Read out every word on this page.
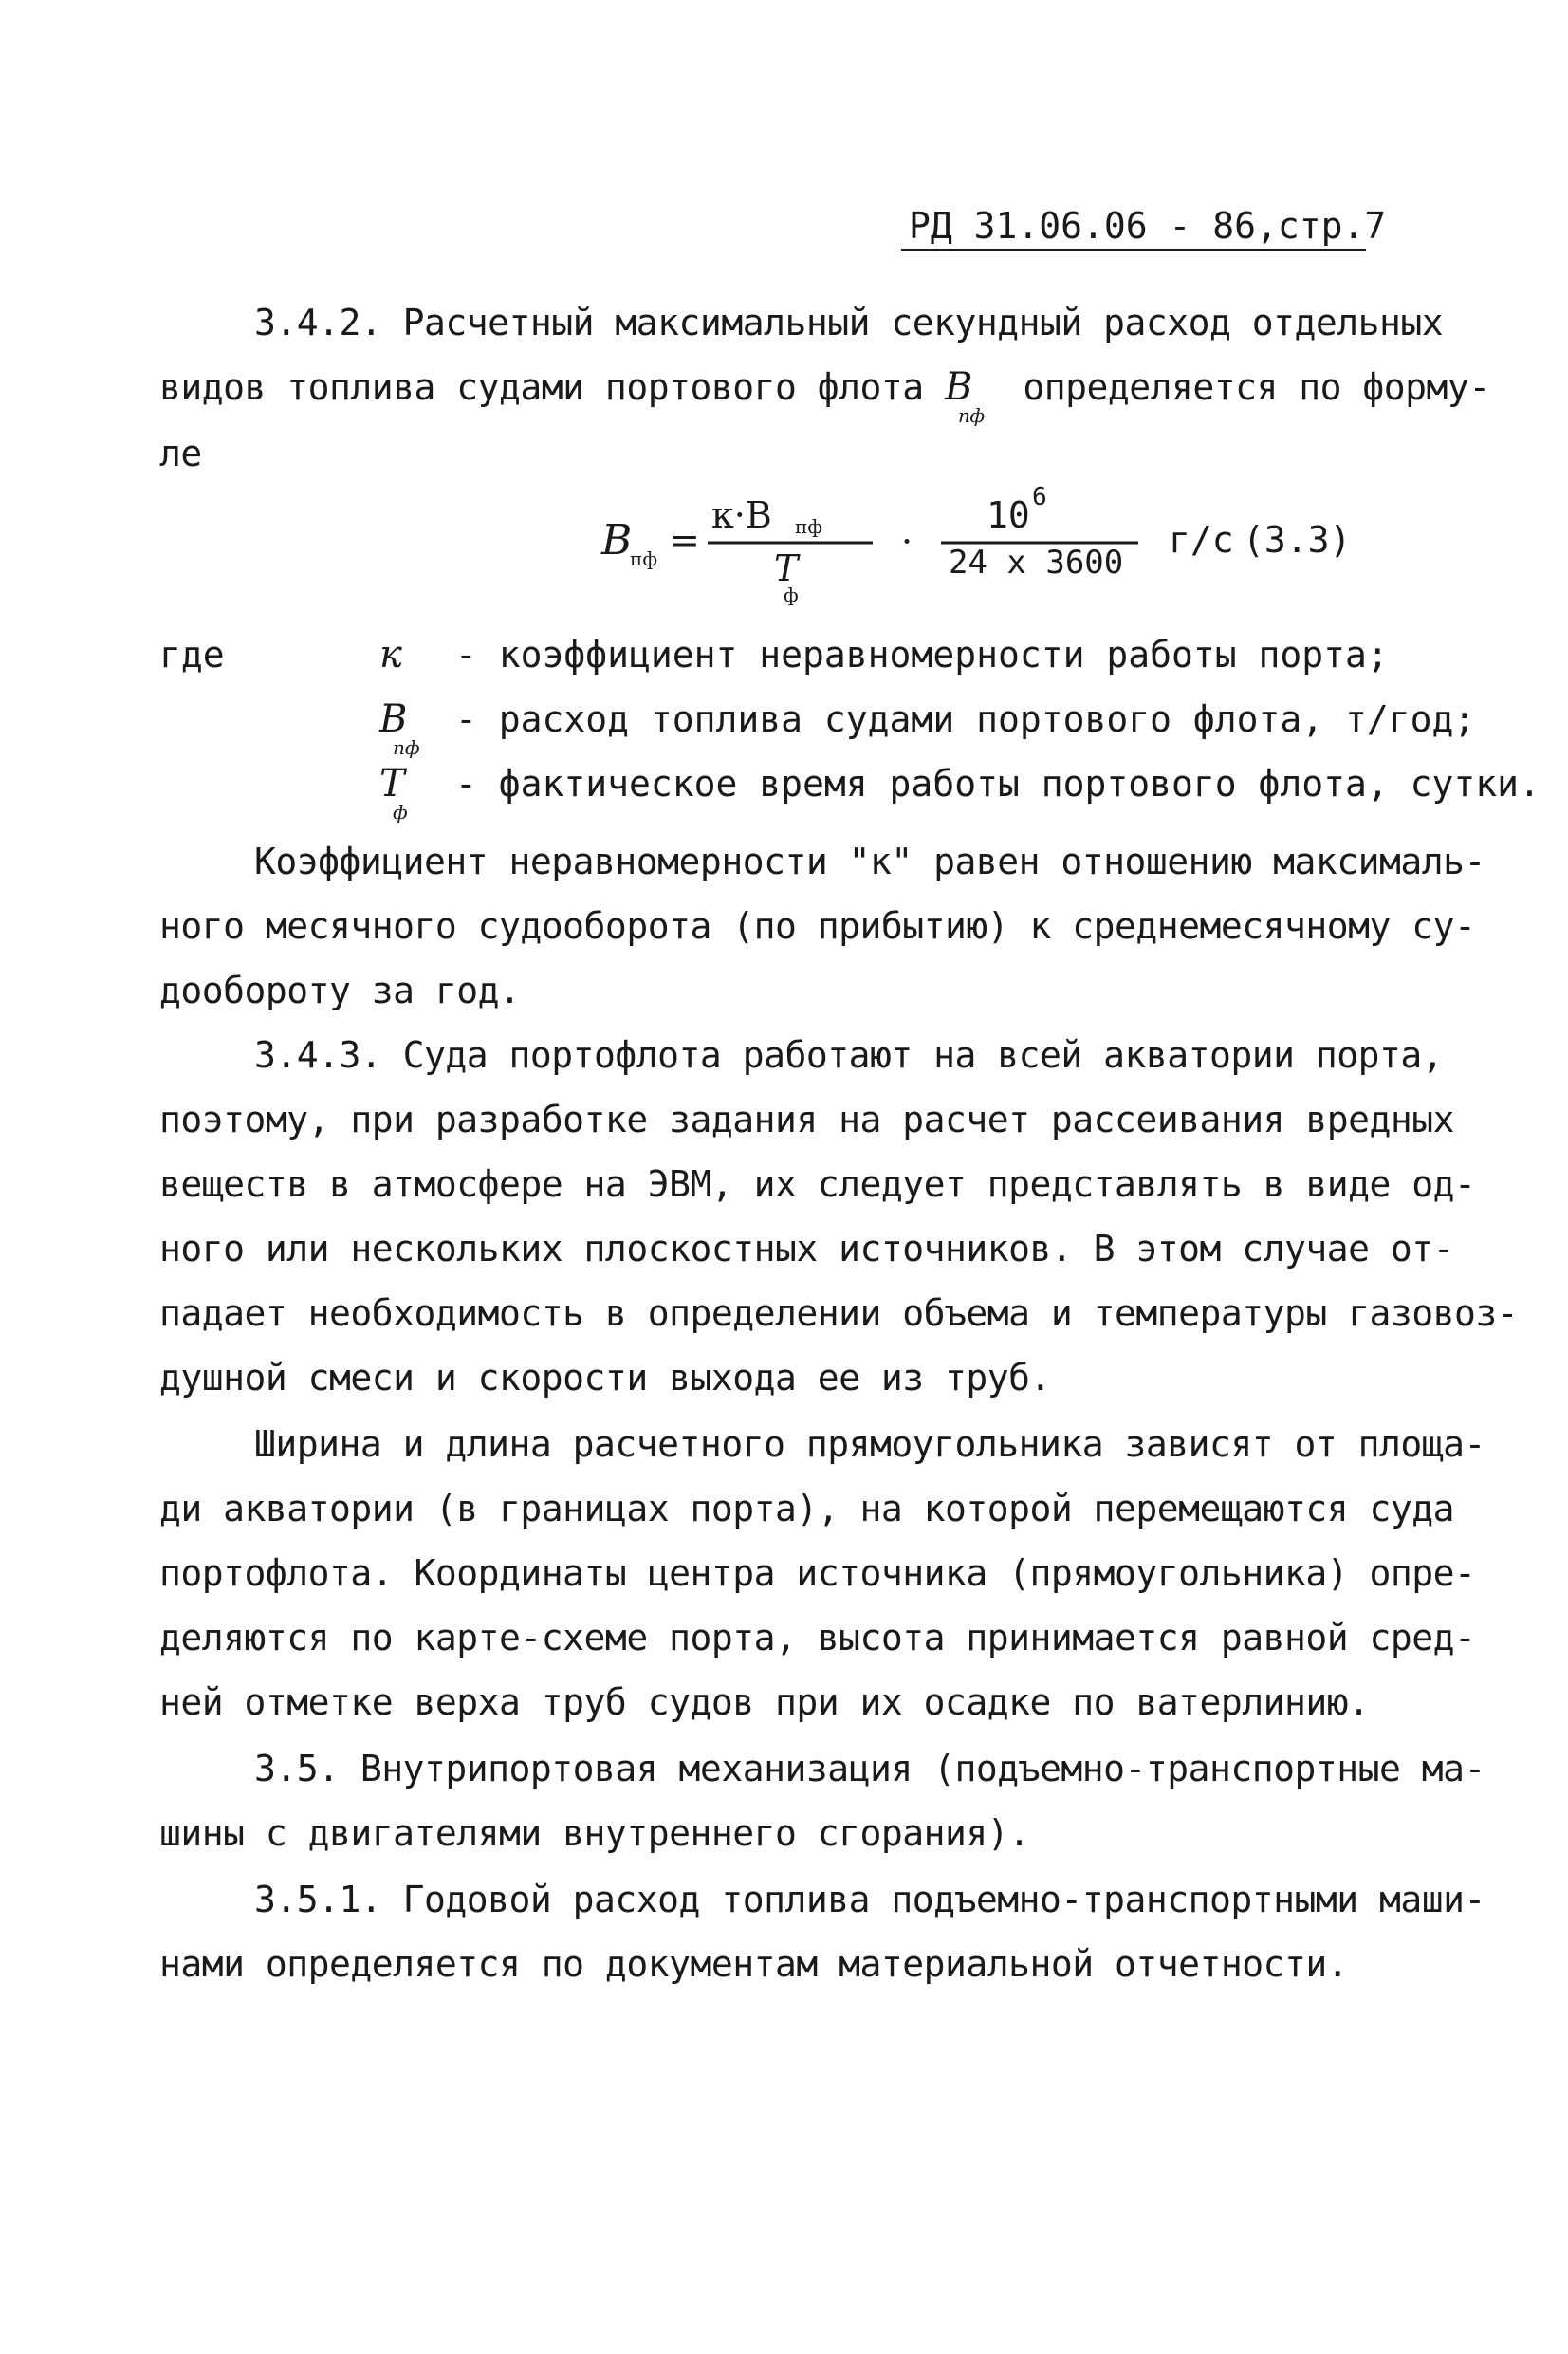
РД 31.06.06 - 86,стр.7
3.4.2. Расчетный максимальный секундный расход отдельных
видов топлива судами портового флота В
пф
определяется по форму-
ле
В
пф =
к·В пф
Т
ф
·
10 6
24 х 3600
г/с (3.3)
где	к - коэффициент неравномерности работы порта;
В
пф
- расход топлива судами портового флота, т/год;
Т
ф
- фактическое время работы портового флота, сутки.
Коэффициент неравномерности "к" равен отношению максималь-
ного месячного судооборота (по прибытию) к среднемесячному су-
дообороту за год.
3.4.3. Суда портофлота работают на всей акватории порта,
поэтому, при разработке задания на расчет рассеивания вредных
веществ в атмосфере на ЭВМ, их следует представлять в виде од-
ного или нескольких плоскостных источников. В этом случае от-
падает необходимость в определении объема и температуры газовоз-
душной смеси и скорости выхода ее из труб.
Ширина и длина расчетного прямоугольника зависят от площа-
ди акватории (в границах порта), на которой перемещаются суда
портофлота. Координаты центра источника (прямоугольника) опре-
деляются по карте-схеме порта, высота принимается равной сред-
ней отметке верха труб судов при их осадке по ватерлинию.
3.5. Внутрипортовая механизация (подъемно-транспортные ма-
шины с двигателями внутреннего сгорания).
3.5.1. Годовой расход топлива подъемно-транспортными маши-
нами определяется по документам материальной отчетности.
